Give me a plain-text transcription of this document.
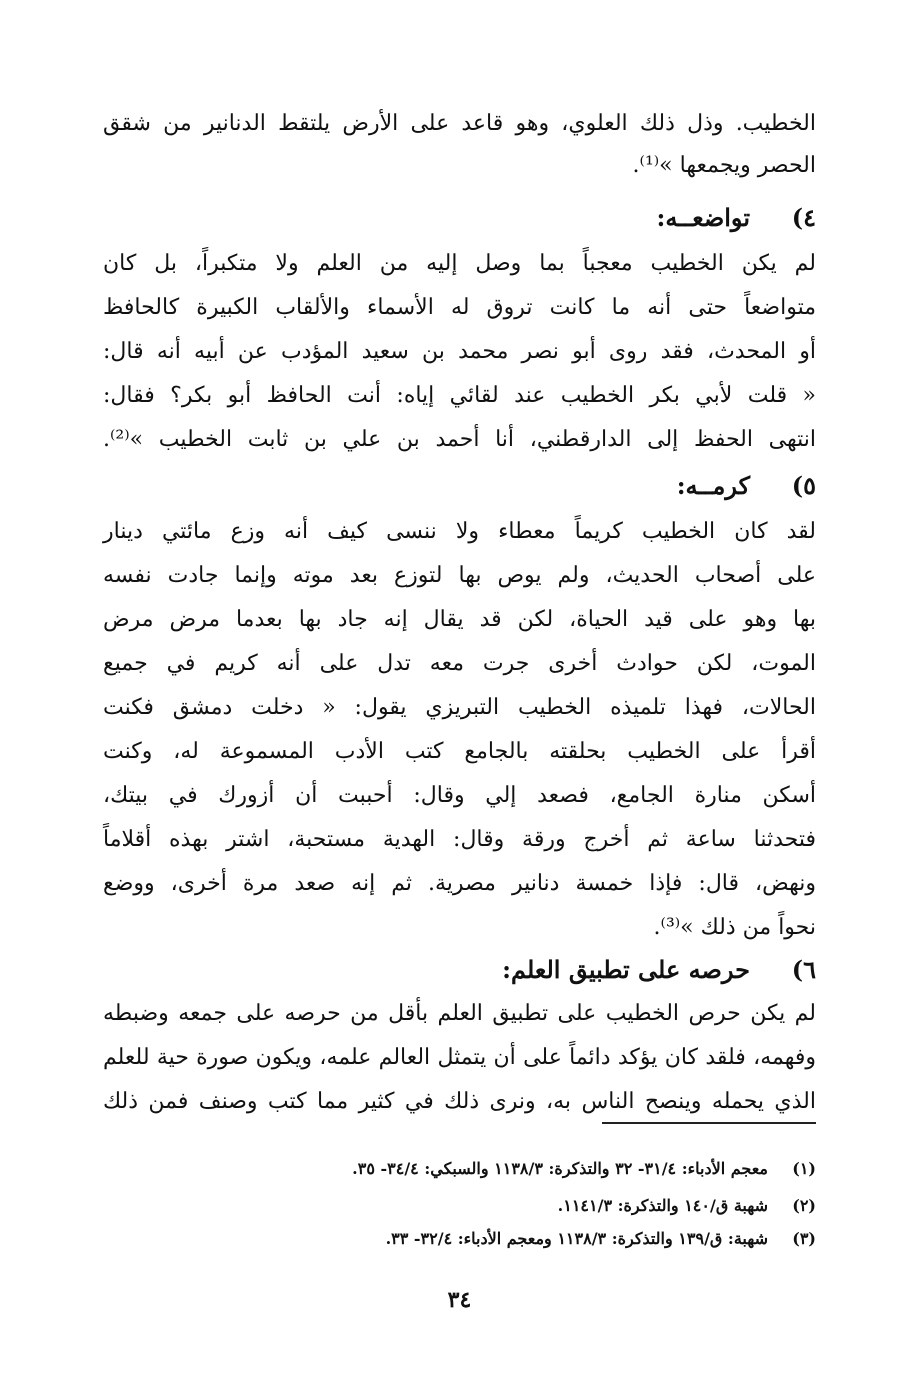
الخطيب. وذل ذلك العلوي، وهو قاعد على الأرض يلتقط الدنانير من شقق
الحصر ويجمعها »⁽¹⁾.
٤)تواضعــه:
لم يكن الخطيب معجباً بما وصل إليه من العلم ولا متكبراً، بل كان
متواضعاً حتى أنه ما كانت تروق له الأسماء والألقاب الكبيرة كالحافظ
أو المحدث، فقد روى أبو نصر محمد بن سعيد المؤدب عن أبيه أنه قال:
« قلت لأبي بكر الخطيب عند لقائي إياه: أنت الحافظ أبو بكر؟ فقال:
انتهى الحفظ إلى الدارقطني، أنا أحمد بن علي بن ثابت الخطيب »⁽²⁾.
٥)كرمــه:
لقد كان الخطيب كريماً معطاء ولا ننسى كيف أنه وزع مائتي دينار
على أصحاب الحديث، ولم يوص بها لتوزع بعد موته وإنما جادت نفسه
بها وهو على قيد الحياة، لكن قد يقال إنه جاد بها بعدما مرض مرض
الموت، لكن حوادث أخرى جرت معه تدل على أنه كريم في جميع
الحالات، فهذا تلميذه الخطيب التبريزي يقول: « دخلت دمشق فكنت
أقرأ على الخطيب بحلقته بالجامع كتب الأدب المسموعة له، وكنت
أسكن منارة الجامع، فصعد إلي وقال: أحببت أن أزورك في بيتك،
فتحدثنا ساعة ثم أخرج ورقة وقال: الهدية مستحبة، اشتر بهذه أقلاماً
ونهض، قال: فإذا خمسة دنانير مصرية. ثم إنه صعد مرة أخرى، ووضع
نحواً من ذلك »⁽³⁾.
٦)حرصه على تطبيق العلم:
لم يكن حرص الخطيب على تطبيق العلم بأقل من حرصه على جمعه وضبطه
وفهمه، فلقد كان يؤكد دائماً على أن يتمثل العالم علمه، ويكون صورة حية للعلم
الذي يحمله وينصح الناس به، ونرى ذلك في كثير مما كتب وصنف فمن ذلك
(١)معجم الأدباء: ٣١/٤- ٣٢ والتذكرة: ١١٣٨/٣ والسبكي: ٣٤/٤- ٣٥.
(٢)شهبة ق/١٤٠ والتذكرة: ١١٤١/٣.
(٣)شهبة: ق/١٣٩ والتذكرة: ١١٣٨/٣ ومعجم الأدباء: ٣٢/٤- ٣٣.
٣٤
